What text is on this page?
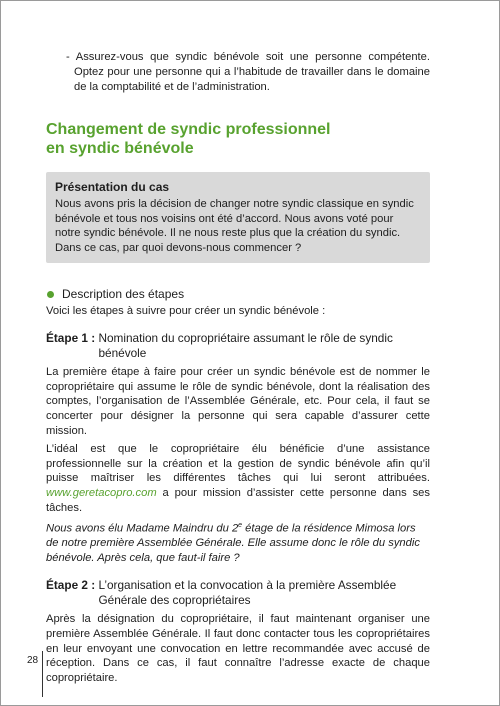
- Assurez-vous que syndic bénévole soit une personne compétente. Optez pour une personne qui a l’habitude de travailler dans le domaine de la comptabilité et de l’administration.

Changement de syndic professionnel
en syndic bénévole
Présentation du cas

Nous avons pris la décision de changer notre syndic classique en syndic bénévole et tous nos voisins ont été d’accord. Nous avons voté pour notre syndic bénévole. Il ne nous reste plus que la création du syndic. Dans ce cas, par quoi devons-nous commencer ?

Description des étapes

Voici les étapes à suivre pour créer un syndic bénévole :

Étape 1 :
Nomination du copropriétaire assumant le rôle de syndic bénévole

La première étape à faire pour créer un syndic bénévole est de nommer le copropriétaire qui assume le rôle de syndic bénévole, dont la réalisation des comptes, l’organisation de l’Assemblée Générale, etc. Pour cela, il faut se concerter pour désigner la personne qui sera capable d’assurer cette mission.

L’idéal est que le copropriétaire élu bénéficie d’une assistance professionnelle sur la création et la gestion de syndic bénévole afin qu’il puisse maîtriser les différentes tâches qui lui seront attribuées. www.geretacopro.com a pour mission d’assister cette personne dans ses tâches.

Nous avons élu Madame Maindru du 2e étage de la résidence Mimosa lors de notre première Assemblée Générale. Elle assume donc le rôle du syndic bénévole. Après cela, que faut-il faire ?

Étape 2 :
L’organisation et la convocation à la première Assemblée Générale des copropriétaires

Après la désignation du copropriétaire, il faut maintenant organiser une première Assemblée Générale. Il faut donc contacter tous les copropriétaires en leur envoyant une convocation en lettre recommandée avec accusé de réception. Dans ce cas, il faut connaître l’adresse exacte de chaque copropriétaire.

28
